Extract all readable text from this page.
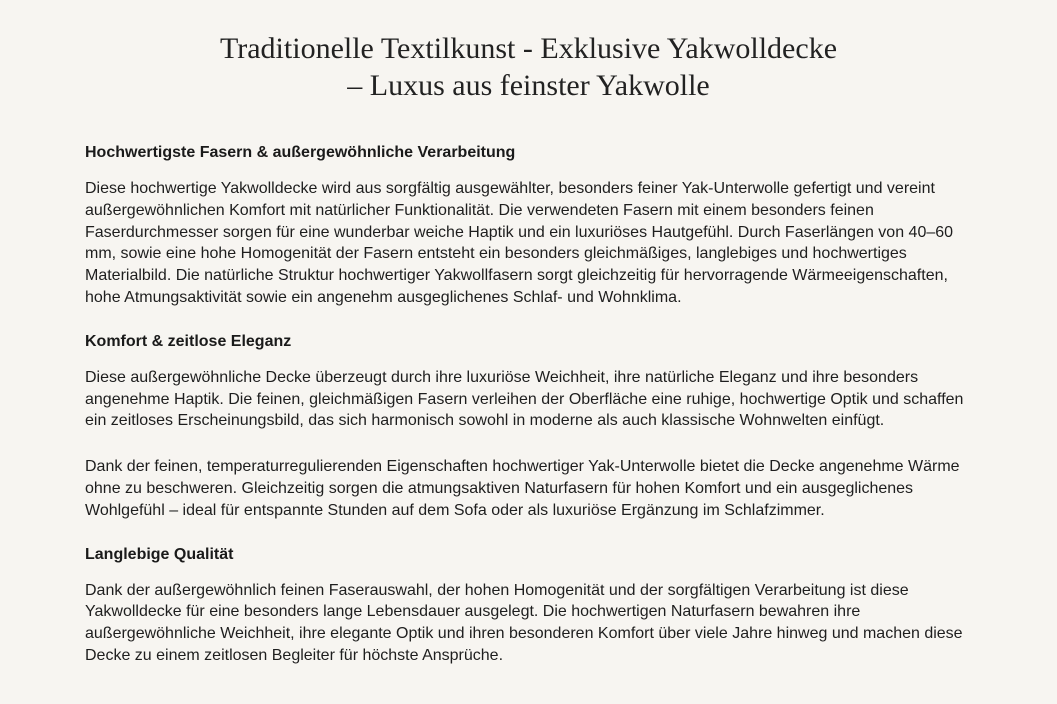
Traditionelle Textilkunst - Exklusive Yakwolldecke
– Luxus aus feinster Yakwolle
Hochwertigste Fasern & außergewöhnliche Verarbeitung

Diese hochwertige Yakwolldecke wird aus sorgfältig ausgewählter, besonders feiner Yak-Unterwolle gefertigt und vereint außergewöhnlichen Komfort mit natürlicher Funktionalität. Die verwendeten Fasern mit einem besonders feinen Faserdurchmesser sorgen für eine wunderbar weiche Haptik und ein luxuriöses Hautgefühl. Durch Faserlängen von 40–60 mm, sowie eine hohe Homogenität der Fasern entsteht ein besonders gleichmäßiges, langlebiges und hochwertiges Materialbild. Die natürliche Struktur hochwertiger Yakwollfasern sorgt gleichzeitig für hervorragende Wärmeeigenschaften, hohe Atmungsaktivität sowie ein angenehm ausgeglichenes Schlaf- und Wohnklima.

Komfort & zeitlose Eleganz

Diese außergewöhnliche Decke überzeugt durch ihre luxuriöse Weichheit, ihre natürliche Eleganz und ihre besonders angenehme Haptik. Die feinen, gleichmäßigen Fasern verleihen der Oberfläche eine ruhige, hochwertige Optik und schaffen ein zeitloses Erscheinungsbild, das sich harmonisch sowohl in moderne als auch klassische Wohnwelten einfügt.

Dank der feinen, temperaturregulierenden Eigenschaften hochwertiger Yak-Unterwolle bietet die Decke angenehme Wärme ohne zu beschweren. Gleichzeitig sorgen die atmungsaktiven Naturfasern für hohen Komfort und ein ausgeglichenes Wohlgefühl – ideal für entspannte Stunden auf dem Sofa oder als luxuriöse Ergänzung im Schlafzimmer.

Langlebige Qualität

Dank der außergewöhnlich feinen Faserauswahl, der hohen Homogenität und der sorgfältigen Verarbeitung ist diese Yakwolldecke für eine besonders lange Lebensdauer ausgelegt. Die hochwertigen Naturfasern bewahren ihre außergewöhnliche Weichheit, ihre elegante Optik und ihren besonderen Komfort über viele Jahre hinweg und machen diese Decke zu einem zeitlosen Begleiter für höchste Ansprüche.
